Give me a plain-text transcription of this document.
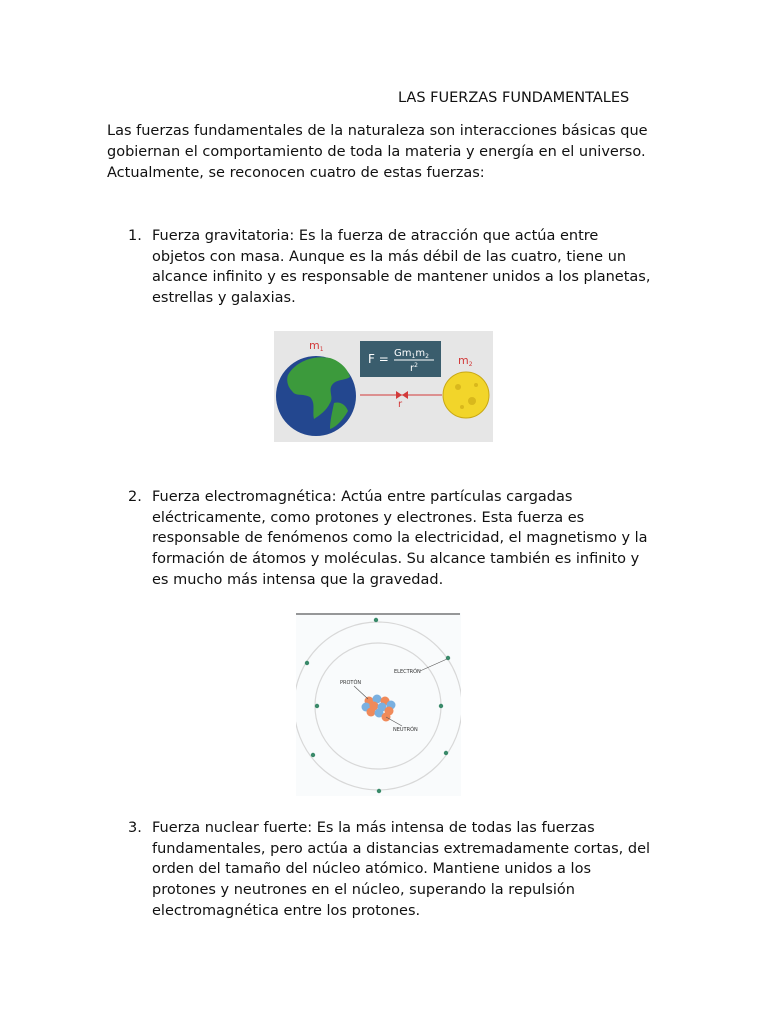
LAS FUERZAS FUNDAMENTALES
Las fuerzas fundamentales de la naturaleza son interacciones básicas que gobiernan el comportamiento de toda la materia y energía en el universo. Actualmente, se reconocen cuatro de estas fuerzas:
1. Fuerza gravitatoria: Es la fuerza de atracción que actúa entre objetos con masa. Aunque es la más débil de las cuatro, tiene un alcance infinito y es responsable de mantener unidos a los planetas, estrellas y galaxias.
m1
$F = Gm_1m_2$
$r^2$
r
m2
2. Fuerza electromagnética: Actúa entre partículas cargadas eléctricamente, como protones y electrones. Esta fuerza es responsable de fenómenos como la electricidad, el magnetismo y la formación de átomos y moléculas. Su alcance también es infinito y es mucho más intensa que la gravedad.
PROTÓN
ELECTRÓN
NEUTRÓN
3. Fuerza nuclear fuerte: Es la más intensa de todas las fuerzas fundamentales, pero actúa a distancias extremadamente cortas, del orden del tamaño del núcleo atómico. Mantiene unidos a los protones y neutrones en el núcleo, superando la repulsión electromagnética entre los protones.
